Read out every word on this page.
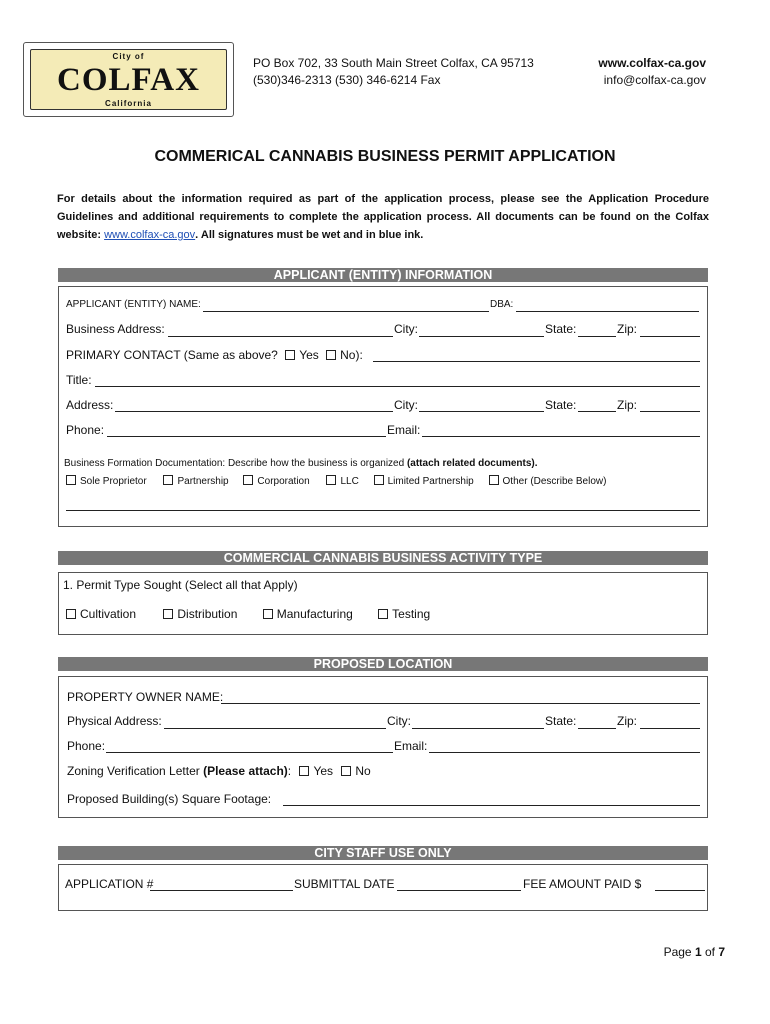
City of
COLFAX
California
PO Box 702, 33 South Main Street Colfax, CA 95713
(530)346-2313 (530) 346-6214 Fax
www.colfax-ca.gov
info@colfax-ca.gov
COMMERICAL CANNABIS BUSINESS PERMIT APPLICATION
For details about the information required as part of the application process, please see the Application Procedure Guidelines and additional requirements to complete the application process. All documents can be found on the Colfax website: www.colfax-ca.gov. All signatures must be wet and in blue ink.
APPLICANT (ENTITY) INFORMATION
APPLICANT (ENTITY) NAME:	DBA:
Business Address:	City:	State:	Zip:
PRIMARY CONTACT (Same as above? Yes No):
Title:
Address:	City:	State:	Zip:
Phone:	Email:
Business Formation Documentation: Describe how the business is organized (attach related documents).
Sole Proprietor	Partnership	Corporation	LLC	Limited Partnership	Other (Describe Below)
COMMERCIAL CANNABIS BUSINESS ACTIVITY TYPE
1. Permit Type Sought (Select all that Apply)
Cultivation	Distribution	Manufacturing	Testing
PROPOSED LOCATION
PROPERTY OWNER NAME:
Physical Address:	City:	State:	Zip:
Phone:	Email:
Zoning Verification Letter (Please attach): Yes No
Proposed Building(s) Square Footage:
CITY STAFF USE ONLY
APPLICATION #	SUBMITTAL DATE	FEE AMOUNT PAID $
Page 1 of 7
